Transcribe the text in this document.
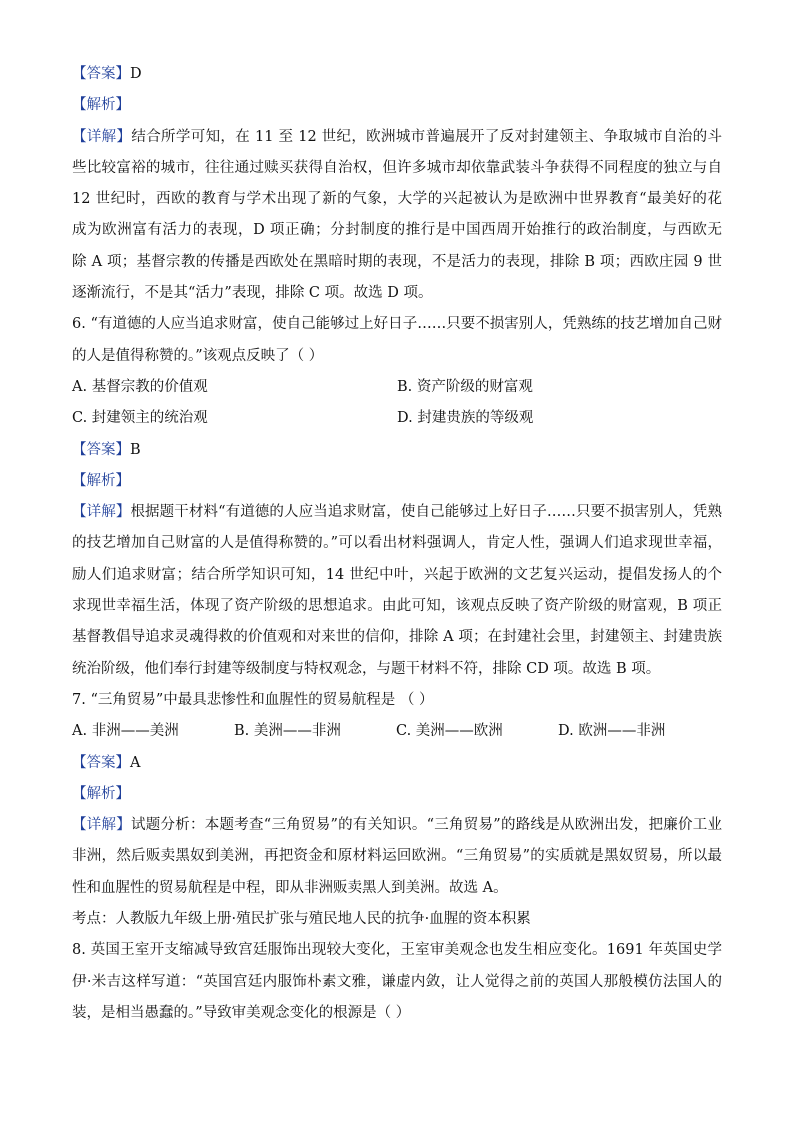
【答案】D
【解析】
【详解】结合所学可知，在 11 至 12 世纪，欧洲城市普遍展开了反对封建领主、争取城市自治的斗
些比较富裕的城市，往往通过赎买获得自治权，但许多城市却依靠武装斗争获得不同程度的独立与自
12 世纪时，西欧的教育与学术出现了新的气象，大学的兴起被认为是欧洲中世界教育“最美好的花
成为欧洲富有活力的表现，D 项正确；分封制度的推行是中国西周开始推行的政治制度，与西欧无
除 A 项；基督宗教的传播是西欧处在黑暗时期的表现，不是活力的表现，排除 B 项；西欧庄园 9 世
逐渐流行，不是其“活力”表现，排除 C 项。故选 D 项。
6. “有道德的人应当追求财富，使自己能够过上好日子……只要不损害别人，凭熟练的技艺增加自己财
的人是值得称赞的。”该观点反映了（ ）
A. 基督宗教的价值观	B. 资产阶级的财富观
C. 封建领主的统治观	D. 封建贵族的等级观
【答案】B
【解析】
【详解】根据题干材料“有道德的人应当追求财富，使自己能够过上好日子……只要不损害别人，凭熟
的技艺增加自己财富的人是值得称赞的。”可以看出材料强调人，肯定人性，强调人们追求现世幸福，
励人们追求财富；结合所学知识可知，14 世纪中叶，兴起于欧洲的文艺复兴运动，提倡发扬人的个
求现世幸福生活，体现了资产阶级的思想追求。由此可知，该观点反映了资产阶级的财富观，B 项正
基督教倡导追求灵魂得救的价值观和对来世的信仰，排除 A 项；在封建社会里，封建领主、封建贵族
统治阶级，他们奉行封建等级制度与特权观念，与题干材料不符，排除 CD 项。故选 B 项。
7. “三角贸易”中最具悲惨性和血腥性的贸易航程是 （ ）
A. 非洲——美洲	B. 美洲——非洲	C. 美洲——欧洲	D. 欧洲——非洲
【答案】A
【解析】
【详解】试题分析：本题考查“三角贸易”的有关知识。“三角贸易”的路线是从欧洲出发，把廉价工业
非洲，然后贩卖黑奴到美洲，再把资金和原材料运回欧洲。“三角贸易”的实质就是黑奴贸易，所以最
性和血腥性的贸易航程是中程，即从非洲贩卖黑人到美洲。故选 A。
考点：人教版九年级上册·殖民扩张与殖民地人民的抗争·血腥的资本积累
8. 英国王室开支缩减导致宫廷服饰出现较大变化，王室审美观念也发生相应变化。1691 年英国史学
伊·米吉这样写道：“英国宫廷内服饰朴素文雅，谦虚内敛，让人觉得之前的英国人那般模仿法国人的
装，是相当愚蠢的。”导致审美观念变化的根源是（ ）
